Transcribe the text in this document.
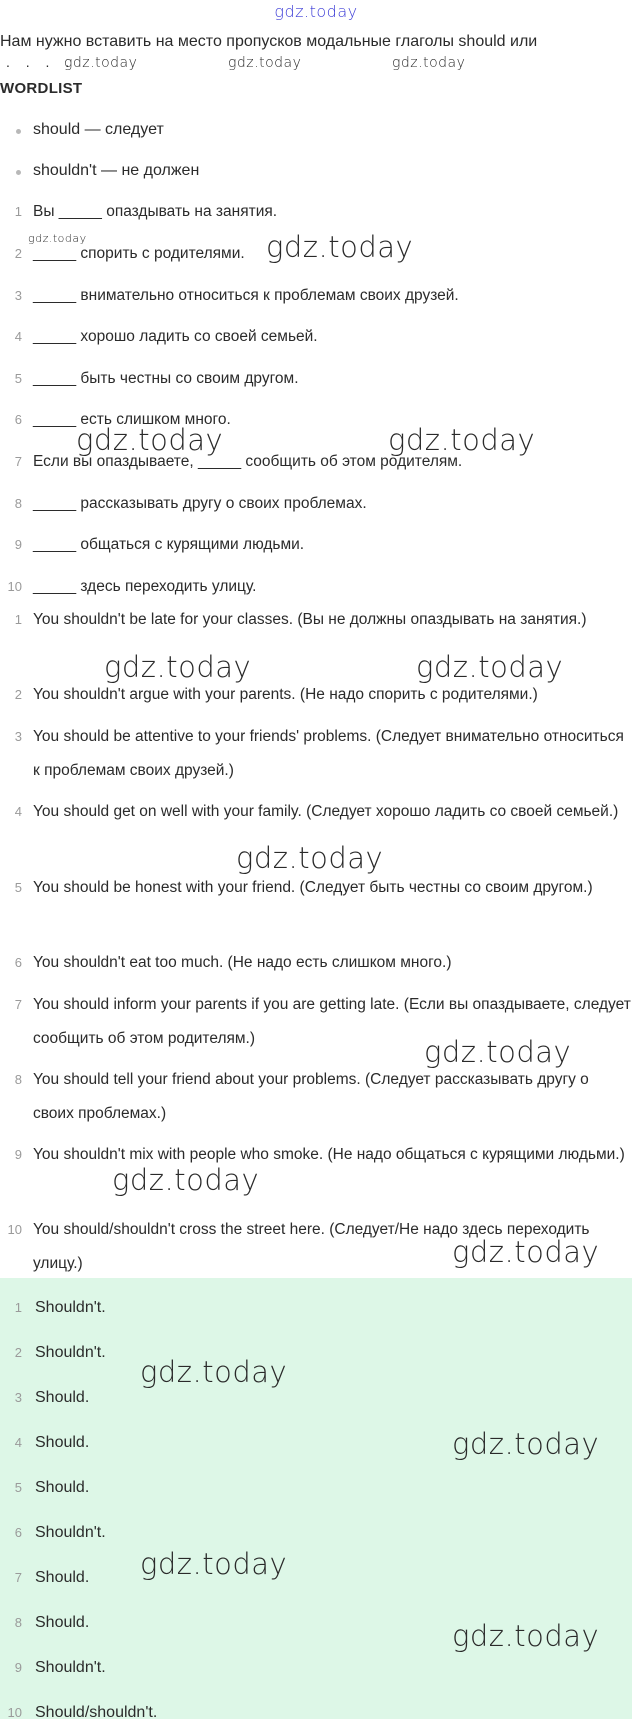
gdz.today
Нам нужно вставить на место пропусков модальные глаголы should или
. . . .
gdz.today	gdz.today	gdz.today
WORDLIST
should — следует
shouldn't — не должен
1 Вы _____ опаздывать на занятия.
2 _____ спорить с родителями.
3 _____ внимательно относиться к проблемам своих друзей.
4 _____ хорошо ладить со своей семьей.
5 _____ быть честны со своим другом.
6 _____ есть слишком много.
7 Если вы опаздываете, _____ сообщить об этом родителям.
8 _____ рассказывать другу о своих проблемах.
9 _____ общаться с курящими людьми.
10 _____ здесь переходить улицу.
1 You shouldn't be late for your classes. (Вы не должны опаздывать на занятия.)
2 You shouldn't argue with your parents. (Не надо спорить с родителями.)
3 You should be attentive to your friends' problems. (Следует внимательно относиться к проблемам своих друзей.)
4 You should get on well with your family. (Следует хорошо ладить со своей семьей.)
5 You should be honest with your friend. (Следует быть честны со своим другом.)
6 You shouldn't eat too much. (Не надо есть слишком много.)
7 You should inform your parents if you are getting late. (Если вы опаздываете, следует сообщить об этом родителям.)
8 You should tell your friend about your problems. (Следует рассказывать другу о своих проблемах.)
9 You shouldn't mix with people who smoke. (Не надо общаться с курящими людьми.)
10 You should/shouldn't cross the street here. (Следует/Не надо здесь переходить улицу.)
1 Shouldn't.
2 Shouldn't.
3 Should.
4 Should.
5 Should.
6 Shouldn't.
7 Should.
8 Should.
9 Shouldn't.
10 Should/shouldn't.
gdz.today	gdz.today
gdz.today	gdz.today
gdz.today	gdz.today
gdz.today
gdz.today
gdz.today
gdz.today
gdz.today
gdz.today
gdz.today
gdz.today
